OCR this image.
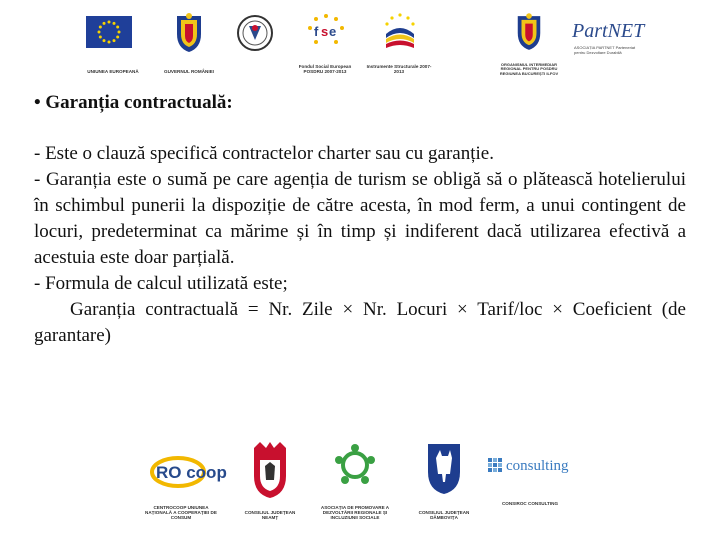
UNIUNEA EUROPEANĂ	GUVERNUL ROMÂNIEI
f s e
Fondul Social European POSDRU 2007-2013
Instrumente Structurale 2007-2013
ORGANISMUL INTERMEDIAR REGIONAL PENTRU POSDRU REGIUNEA BUCUREȘTI ILFOV
PartNET
ASOCIAȚIA PARTNET Parteneriat pentru Dezvoltare Durabilă

• Garanția contractuală:

- Este o clauză specifică contractelor charter sau cu garanție.

- Garanția este o sumă pe care agenția de turism se obligă să o plătească hotelierului în schimbul punerii la dispoziție de către acesta, în mod ferm, a unui contingent de locuri, predeterminat ca mărime și în timp și indiferent dacă utilizarea efectivă a acestuia este doar parțială.

- Formula de calcul utilizată este;

Garanția contractuală = Nr. Zile × Nr. Locuri × Tarif/loc × Coeficient (de garantare)

RO coop
CENTROCOOP UNIUNEA NAȚIONALĂ A COOPERAȚIEI DE CONSUM
CONSILIUL JUDEȚEAN NEAMȚ
ASOCIAȚIA DE PROMOVARE A DEZVOLTĂRII REGIONALE ȘI INCLUZIUNII SOCIALE
CONSILIUL JUDEȚEAN DÂMBOVIȚA
consulting
CONSIROC CONSULTING
